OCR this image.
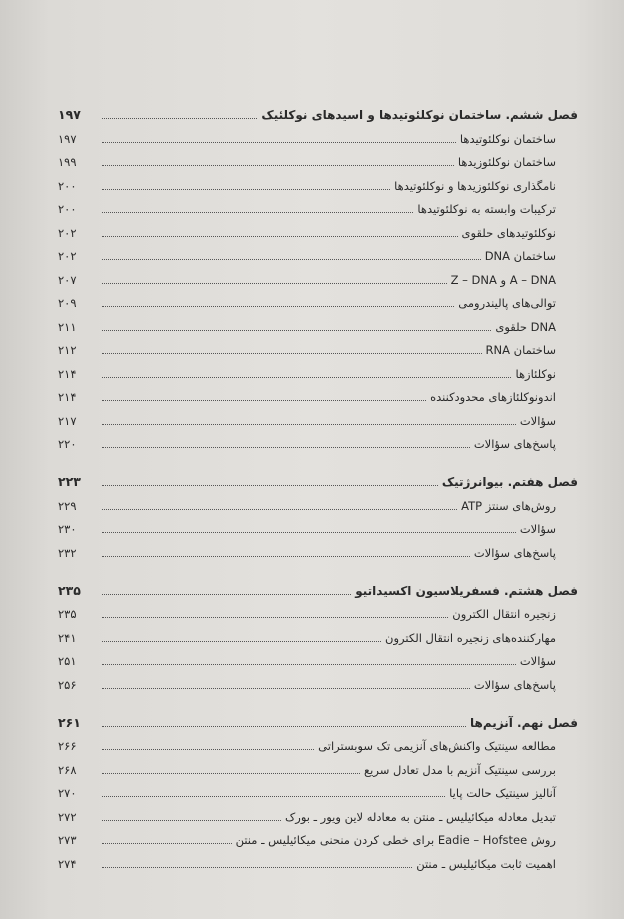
فصل ششم. ساختمان نوکلئوتیدها و اسیدهای نوکلئیک
۱۹۷
ساختمان نوکلئوتیدها
۱۹۷
ساختمان نوکلئوزیدها
۱۹۹
نامگذاری نوکلئوزیدها و نوکلئوتیدها
۲۰۰
ترکیبات وابسته به نوکلئوتیدها
۲۰۰
نوکلئوتیدهای حلقوی
۲۰۲
ساختمان DNA
۲۰۲
A – DNA و Z – DNA
۲۰۷
توالی‌های پالیندرومی
۲۰۹
DNA حلقوی
۲۱۱
ساختمان RNA
۲۱۲
نوکلئازها
۲۱۴
اندونوکلئازهای محدودکننده
۲۱۴
سؤالات
۲۱۷
پاسخ‌های سؤالات
۲۲۰
فصل هفتم. بیوانرژتیک
۲۲۳
روش‌های سنتز ATP
۲۲۹
سؤالات
۲۳۰
پاسخ‌های سؤالات
۲۳۲
فصل هشتم. فسفریلاسیون اکسیداتیو
۲۳۵
زنجیره انتقال الکترون
۲۳۵
مهارکننده‌های زنجیره انتقال الکترون
۲۴۱
سؤالات
۲۵۱
پاسخ‌های سؤالات
۲۵۶
فصل نهم. آنزیم‌ها
۲۶۱
مطالعه سینتیک واکنش‌های آنزیمی تک سوبستراتی
۲۶۶
بررسی سینتیک آنزیم با مدل تعادل سریع
۲۶۸
آنالیز سینتیک حالت پایا
۲۷۰
تبدیل معادله میکائیلیس ـ منتن به معادله لاین ویور ـ بورک
۲۷۲
روش Eadie – Hofstee برای خطی کردن منحنی میکائیلیس ـ منتن
۲۷۳
اهمیت ثابت میکائیلیس ـ منتن
۲۷۴
